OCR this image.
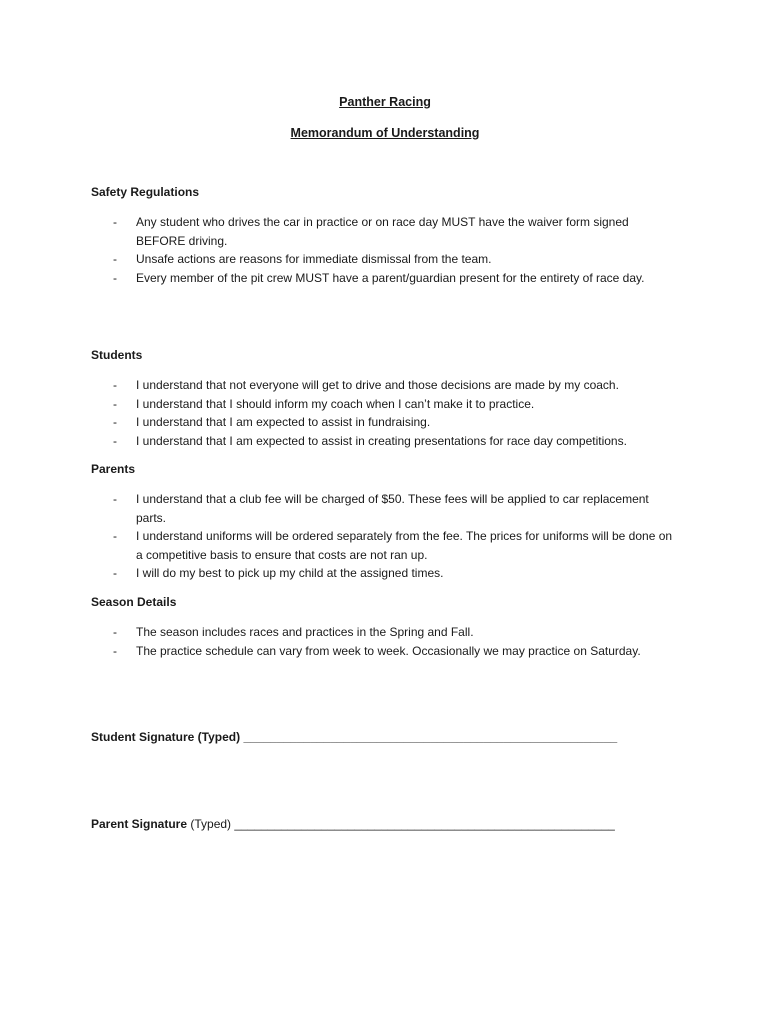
Panther Racing
Memorandum of Understanding
Safety Regulations
- Any student who drives the car in practice or on race day MUST have the waiver form signed BEFORE driving.
- Unsafe actions are reasons for immediate dismissal from the team.
- Every member of the pit crew MUST have a parent/guardian present for the entirety of race day.
Students
- I understand that not everyone will get to drive and those decisions are made by my coach.
- I understand that I should inform my coach when I can’t make it to practice.
- I understand that I am expected to assist in fundraising.
- I understand that I am expected to assist in creating presentations for race day competitions.
Parents
- I understand that a club fee will be charged of $50. These fees will be applied to car replacement parts.
- I understand uniforms will be ordered separately from the fee. The prices for uniforms will be done on a competitive basis to ensure that costs are not ran up.
- I will do my best to pick up my child at the assigned times.
Season Details
- The season includes races and practices in the Spring and Fall.
- The practice schedule can vary from week to week. Occasionally we may practice on Saturday.
Student Signature (Typed) ________________________________________________________
Parent Signature (Typed) _________________________________________________________
